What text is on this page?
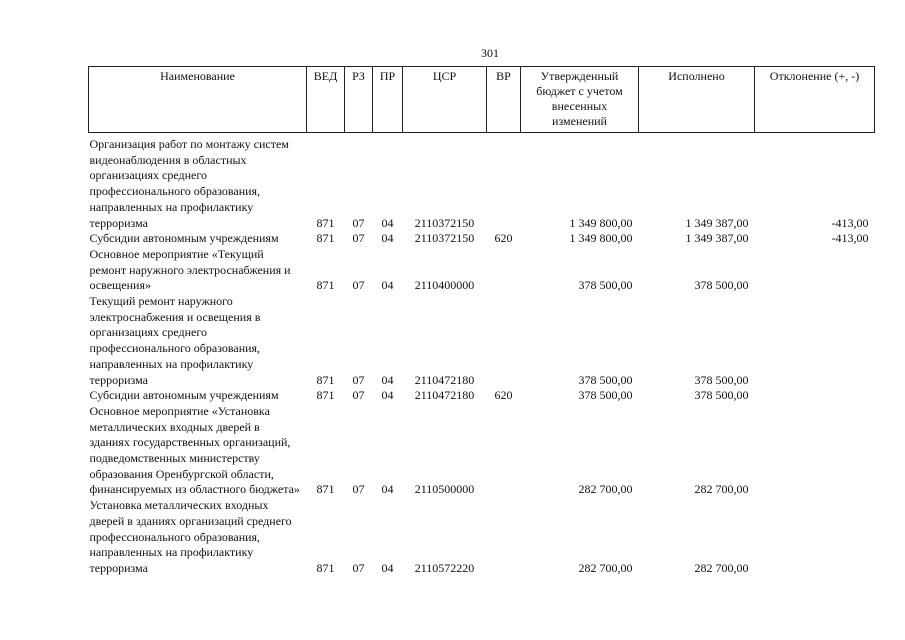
301
Наименование	ВЕД	РЗ	ПР	ЦСР	ВР	Утвержденный бюджет с учетом внесенных изменений	Исполнено	Отклонение (+, -)
Организация работ по монтажу систем видеонаблюдения в областных организациях среднего профессионального образования, направленных на профилактику терроризма	871	07	04	2110372150		1 349 800,00	1 349 387,00	-413,00
Субсидии автономным учреждениям	871	07	04	2110372150	620	1 349 800,00	1 349 387,00	-413,00
Основное мероприятие «Текущий ремонт наружного электроснабжения и освещения»	871	07	04	2110400000		378 500,00	378 500,00	
Текущий ремонт наружного электроснабжения и освещения в организациях среднего профессионального образования, направленных на профилактику терроризма	871	07	04	2110472180		378 500,00	378 500,00	
Субсидии автономным учреждениям	871	07	04	2110472180	620	378 500,00	378 500,00	
Основное мероприятие «Установка металлических входных дверей в зданиях государственных организаций, подведомственных министерству образования Оренбургской области, финансируемых из областного бюджета»	871	07	04	2110500000		282 700,00	282 700,00	
Установка металлических входных дверей в зданиях организаций среднего профессионального образования, направленных на профилактику терроризма	871	07	04	2110572220		282 700,00	282 700,00	
